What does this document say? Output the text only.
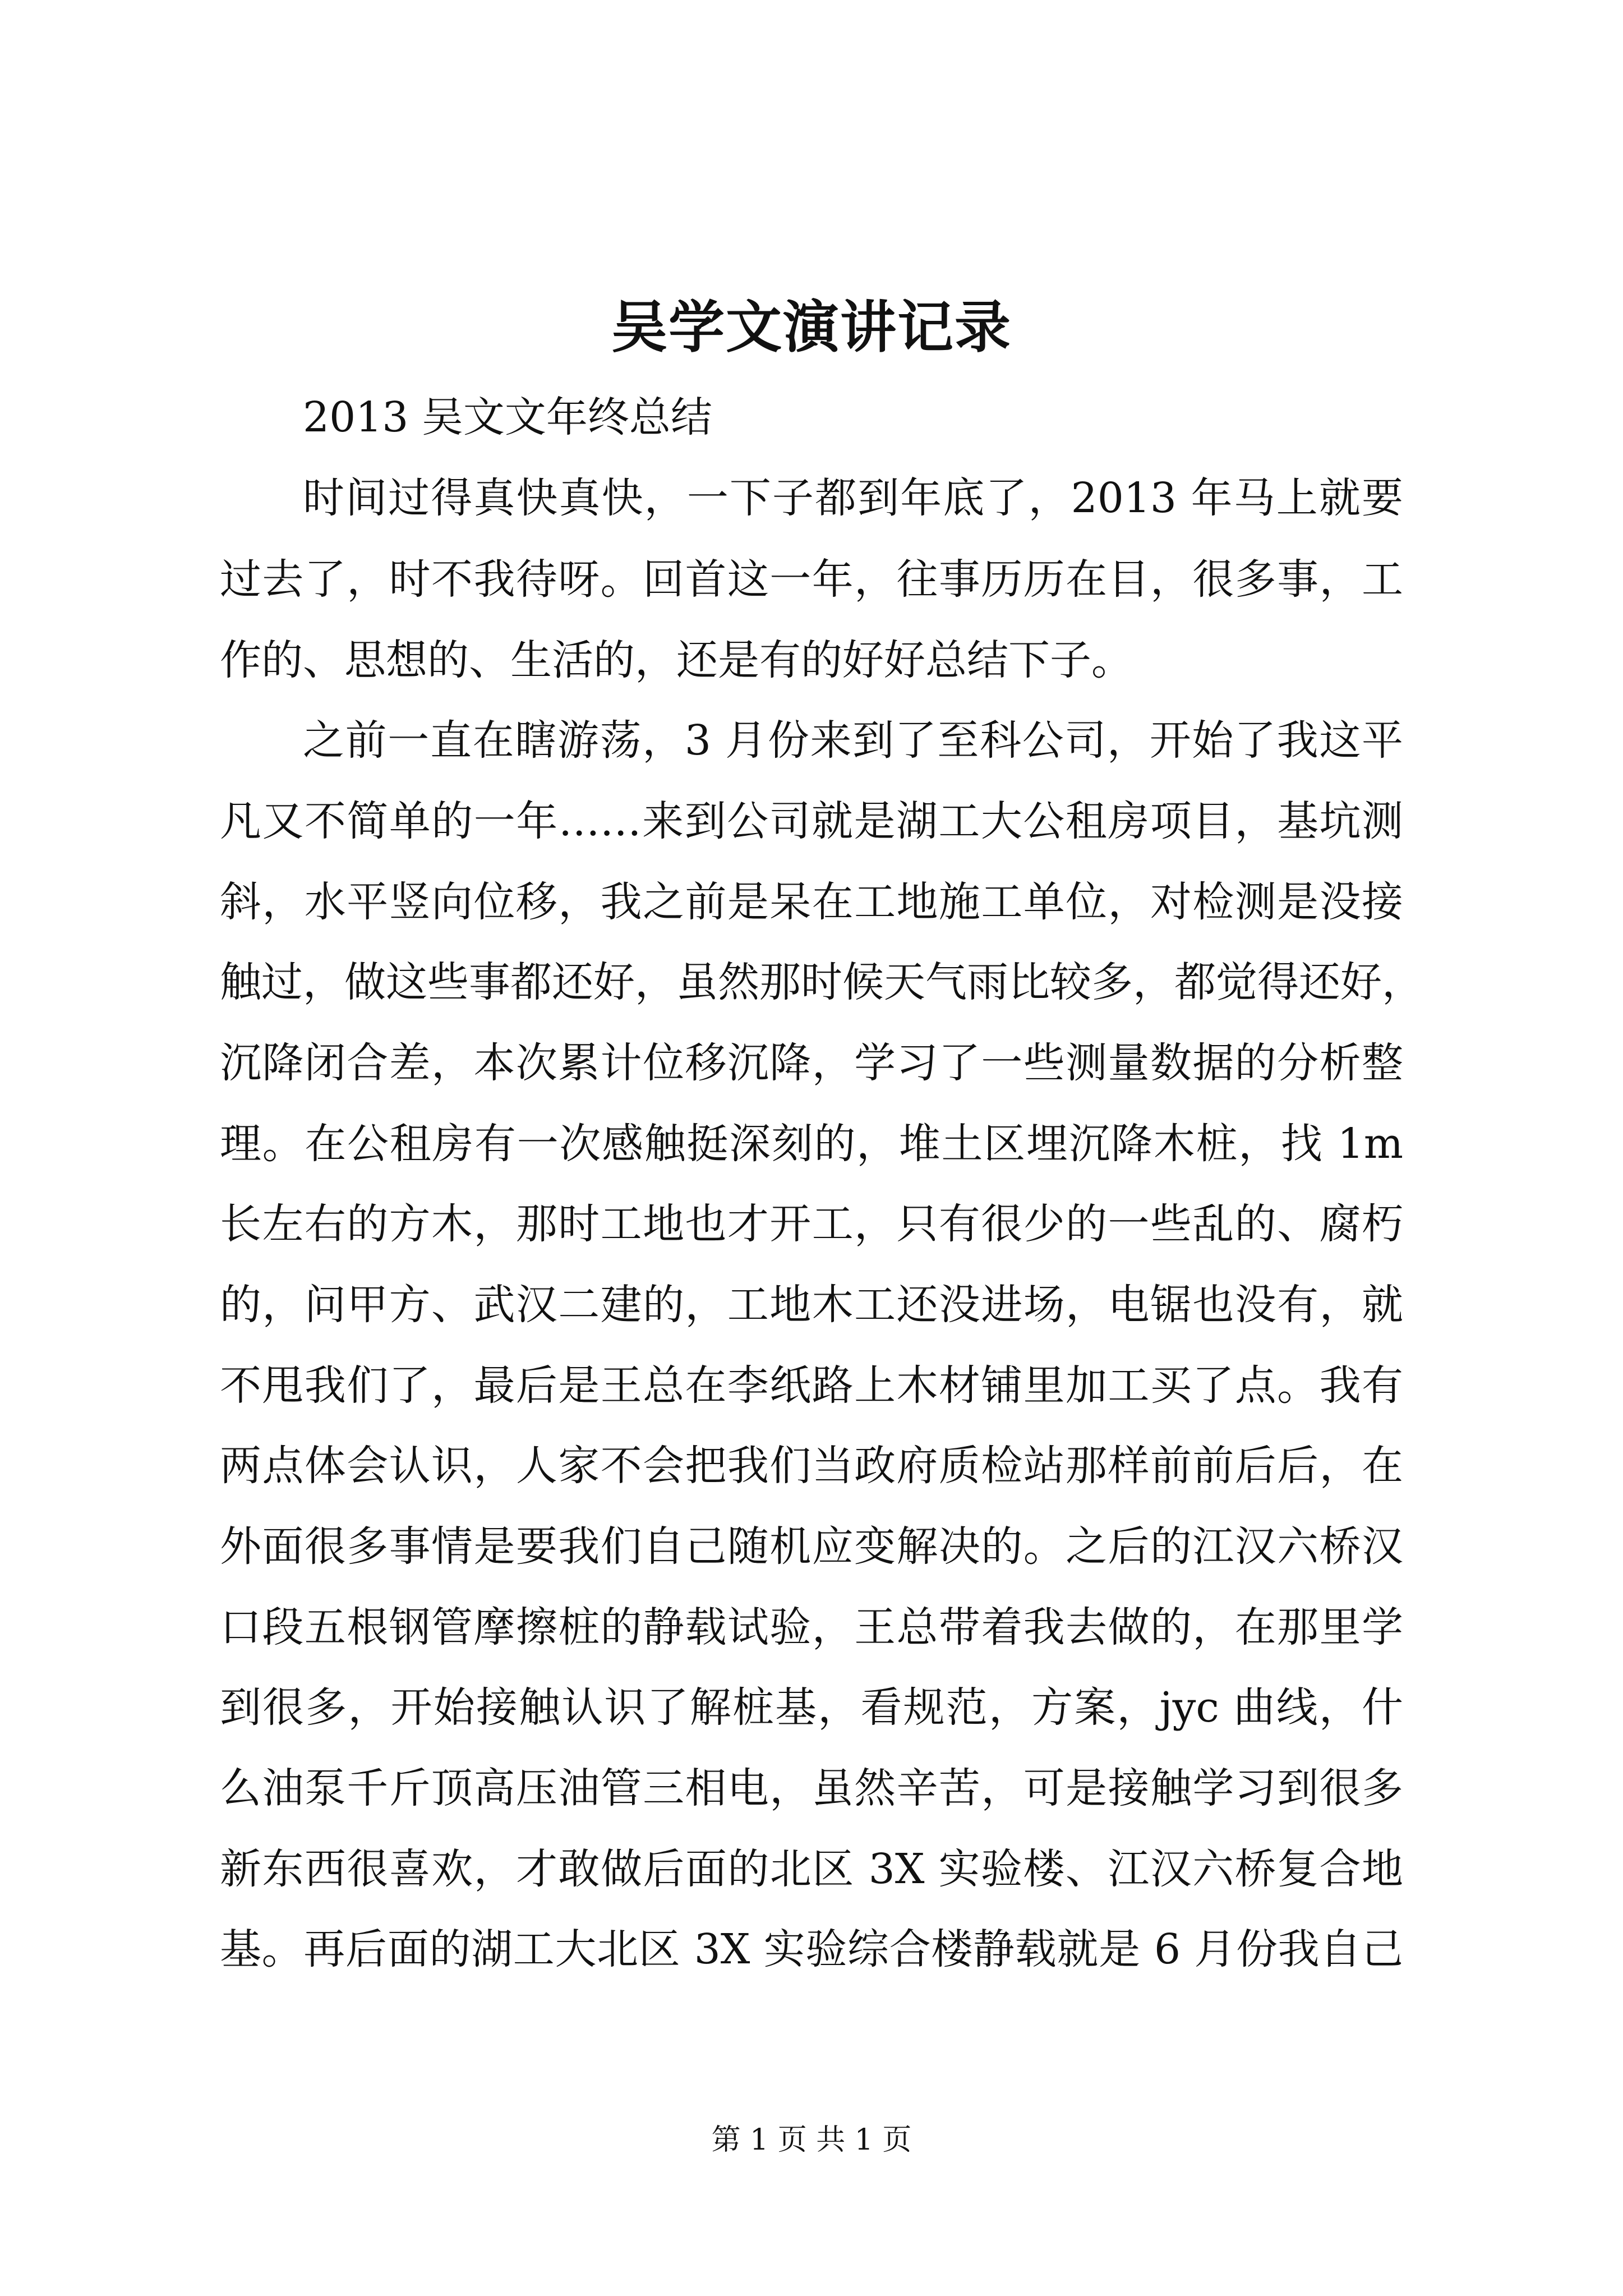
吴学文演讲记录
2013 吴文文年终总结
时间过得真快真快，一下子都到年底了，2013 年马上就要
过去了，时不我待呀。回首这一年，往事历历在目，很多事，工
作的、思想的、生活的，还是有的好好总结下子。
之前一直在瞎游荡，3 月份来到了至科公司，开始了我这平
凡又不简单的一年……来到公司就是湖工大公租房项目，基坑测
斜，水平竖向位移，我之前是呆在工地施工单位，对检测是没接
触过，做这些事都还好，虽然那时候天气雨比较多，都觉得还好，
沉降闭合差，本次累计位移沉降，学习了一些测量数据的分析整
理。在公租房有一次感触挺深刻的，堆土区埋沉降木桩，找 1m
长左右的方木，那时工地也才开工，只有很少的一些乱的、腐朽
的，问甲方、武汉二建的，工地木工还没进场，电锯也没有，就
不甩我们了，最后是王总在李纸路上木材铺里加工买了点。我有
两点体会认识，人家不会把我们当政府质检站那样前前后后，在
外面很多事情是要我们自己随机应变解决的。之后的江汉六桥汉
口段五根钢管摩擦桩的静载试验，王总带着我去做的，在那里学
到很多，开始接触认识了解桩基，看规范，方案，jyc 曲线，什
么油泵千斤顶高压油管三相电，虽然辛苦，可是接触学习到很多
新东西很喜欢，才敢做后面的北区 3X 实验楼、江汉六桥复合地
基。再后面的湖工大北区 3X 实验综合楼静载就是 6 月份我自己
第 1 页 共 1 页
